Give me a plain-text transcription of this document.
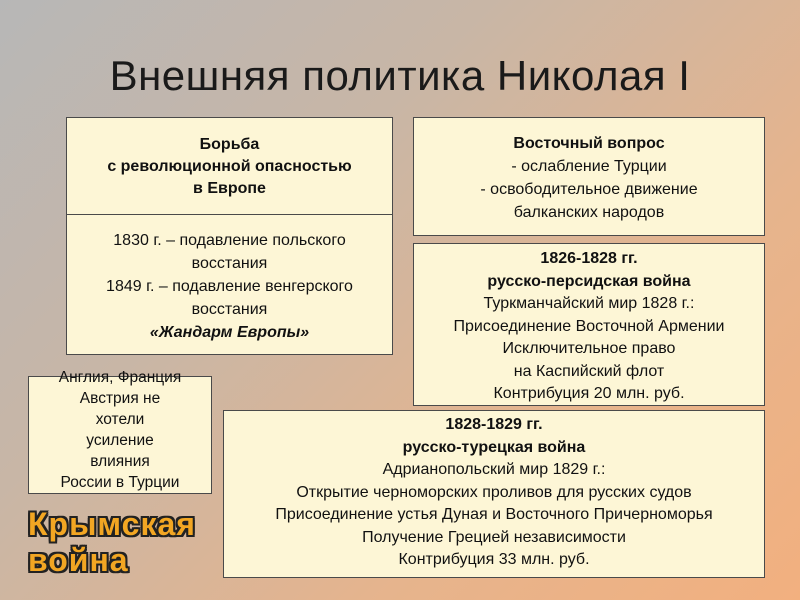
Внешняя политика Николая I
Борьба
с революционной опасностью
в Европе
1830 г. – подавление польского
восстания
1849 г. – подавление венгерского
восстания
«Жандарм Европы»
Восточный вопрос
- ослабление Турции
- освободительное движение
балканских народов
1826-1828 гг.
русско-персидская война
Туркманчайский мир 1828 г.:
Присоединение Восточной Армении
Исключительное право
на Каспийский флот
Контрибуция 20 млн. руб.
1828-1829 гг.
русско-турецкая война
Адрианопольский мир 1829 г.:
Открытие черноморских проливов для русских судов
Присоединение устья Дуная и Восточного Причерноморья
Получение Грецией независимости
Контрибуция 33 млн. руб.
Англия, Франция
Австрия не
хотели
усиление
влияния
России в Турции
Крымская
война
